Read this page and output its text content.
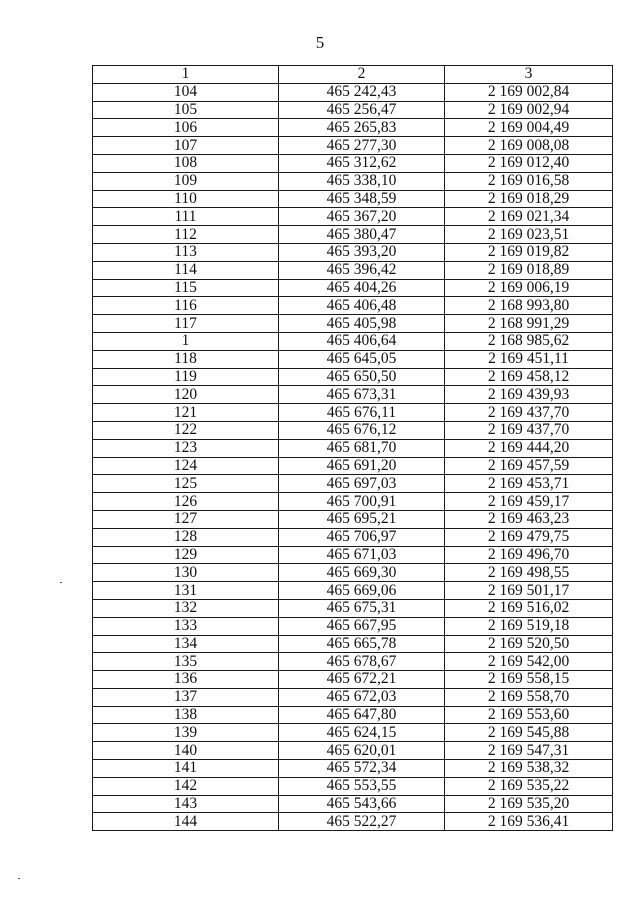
5
1	2	3
104	465 242,43	2 169 002,84
105	465 256,47	2 169 002,94
106	465 265,83	2 169 004,49
107	465 277,30	2 169 008,08
108	465 312,62	2 169 012,40
109	465 338,10	2 169 016,58
110	465 348,59	2 169 018,29
111	465 367,20	2 169 021,34
112	465 380,47	2 169 023,51
113	465 393,20	2 169 019,82
114	465 396,42	2 169 018,89
115	465 404,26	2 169 006,19
116	465 406,48	2 168 993,80
117	465 405,98	2 168 991,29
1	465 406,64	2 168 985,62
118	465 645,05	2 169 451,11
119	465 650,50	2 169 458,12
120	465 673,31	2 169 439,93
121	465 676,11	2 169 437,70
122	465 676,12	2 169 437,70
123	465 681,70	2 169 444,20
124	465 691,20	2 169 457,59
125	465 697,03	2 169 453,71
126	465 700,91	2 169 459,17
127	465 695,21	2 169 463,23
128	465 706,97	2 169 479,75
129	465 671,03	2 169 496,70
130	465 669,30	2 169 498,55
131	465 669,06	2 169 501,17
132	465 675,31	2 169 516,02
133	465 667,95	2 169 519,18
134	465 665,78	2 169 520,50
135	465 678,67	2 169 542,00
136	465 672,21	2 169 558,15
137	465 672,03	2 169 558,70
138	465 647,80	2 169 553,60
139	465 624,15	2 169 545,88
140	465 620,01	2 169 547,31
141	465 572,34	2 169 538,32
142	465 553,55	2 169 535,22
143	465 543,66	2 169 535,20
144	465 522,27	2 169 536,41
